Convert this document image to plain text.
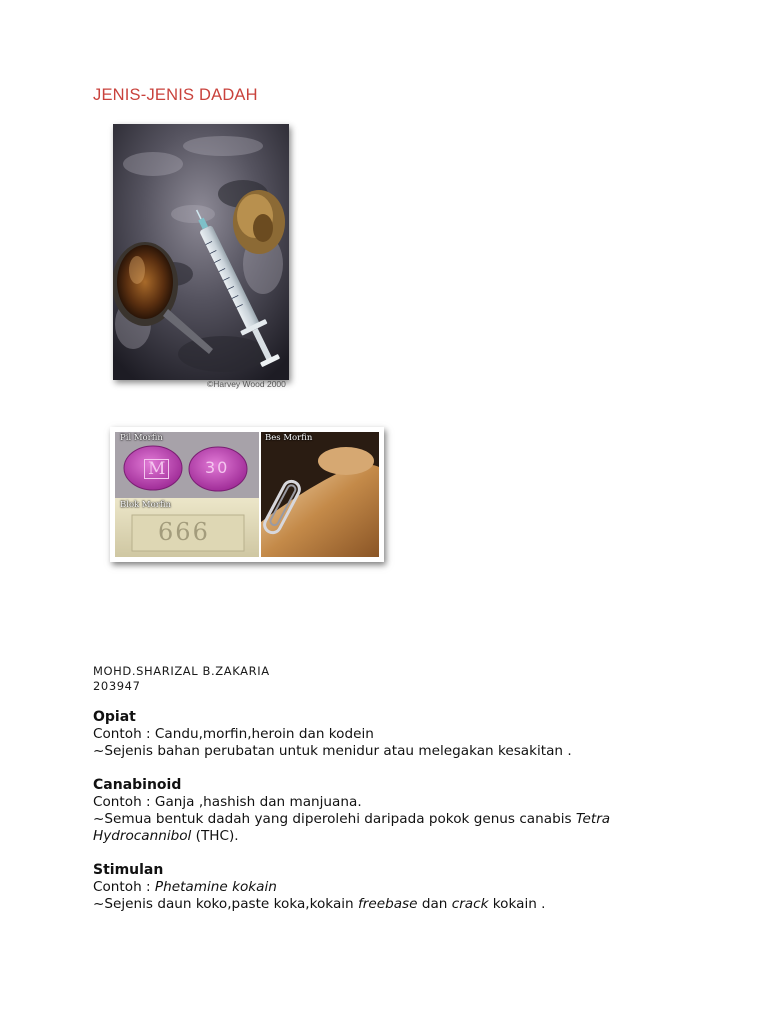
JENIS-JENIS DADAH
©Harvey Wood 2000
Pil Morfin	Bes Morfin
Blok Morfin
M 30
999
MOHD.SHARIZAL B.ZAKARIA
203947
Opiat

Contoh : Candu,morfin,heroin dan kodein

~Sejenis bahan perubatan untuk menidur atau melegakan kesakitan .

Canabinoid

Contoh : Ganja ,hashish dan manjuana.

~Semua bentuk dadah yang diperolehi daripada pokok genus canabis Tetra
Hydrocannibol (THC).

Stimulan

Contoh : Phetamine kokain

~Sejenis daun koko,paste koka,kokain freebase dan crack kokain .
